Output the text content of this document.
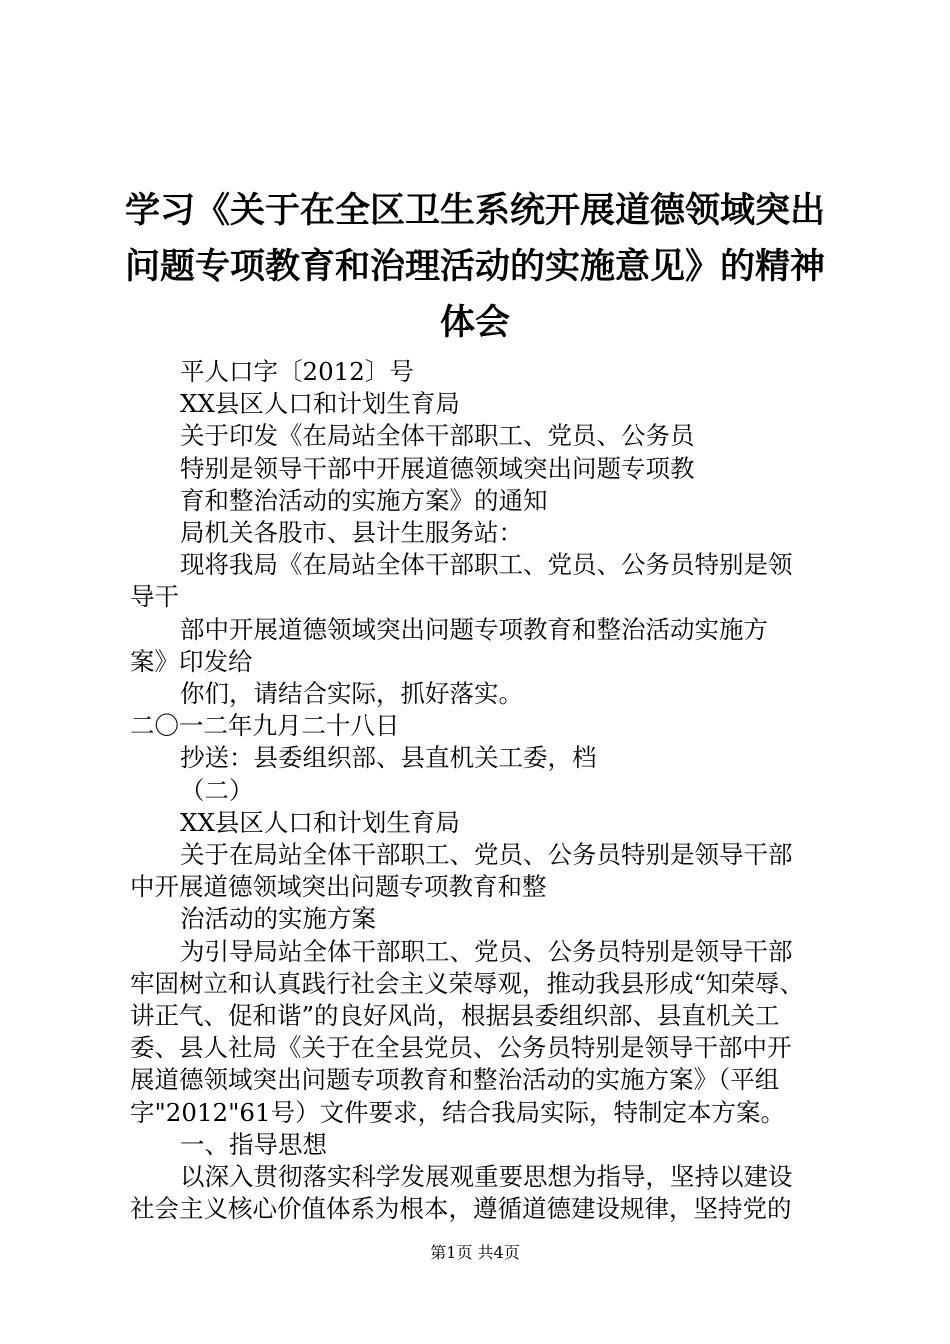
学习《关于在全区卫生系统开展道德领域突出
问题专项教育和治理活动的实施意见》的精神
体会

平人口字〔2012〕号

XX县区人口和计划生育局

关于印发《在局站全体干部职工、党员、公务员

特别是领导干部中开展道德领域突出问题专项教

育和整治活动的实施方案》的通知

局机关各股市、县计生服务站：

现将我局《在局站全体干部职工、党员、公务员特别是领

导干

部中开展道德领域突出问题专项教育和整治活动实施方

案》印发给

你们，请结合实际，抓好落实。

二〇一二年九月二十八日

抄送：县委组织部、县直机关工委，档

（二）

XX县区人口和计划生育局

关于在局站全体干部职工、党员、公务员特别是领导干部

中开展道德领域突出问题专项教育和整

治活动的实施方案

为引导局站全体干部职工、党员、公务员特别是领导干部

牢固树立和认真践行社会主义荣辱观，推动我县形成“知荣辱、

讲正气、促和谐”的良好风尚，根据县委组织部、县直机关工

委、县人社局《关于在全县党员、公务员特别是领导干部中开

展道德领域突出问题专项教育和整治活动的实施方案》（平组

字"2012"61号）文件要求，结合我局实际，特制定本方案。

一、指导思想

以深入贯彻落实科学发展观重要思想为指导，坚持以建设

社会主义核心价值体系为根本，遵循道德建设规律，坚持党的

第1页 共4页
